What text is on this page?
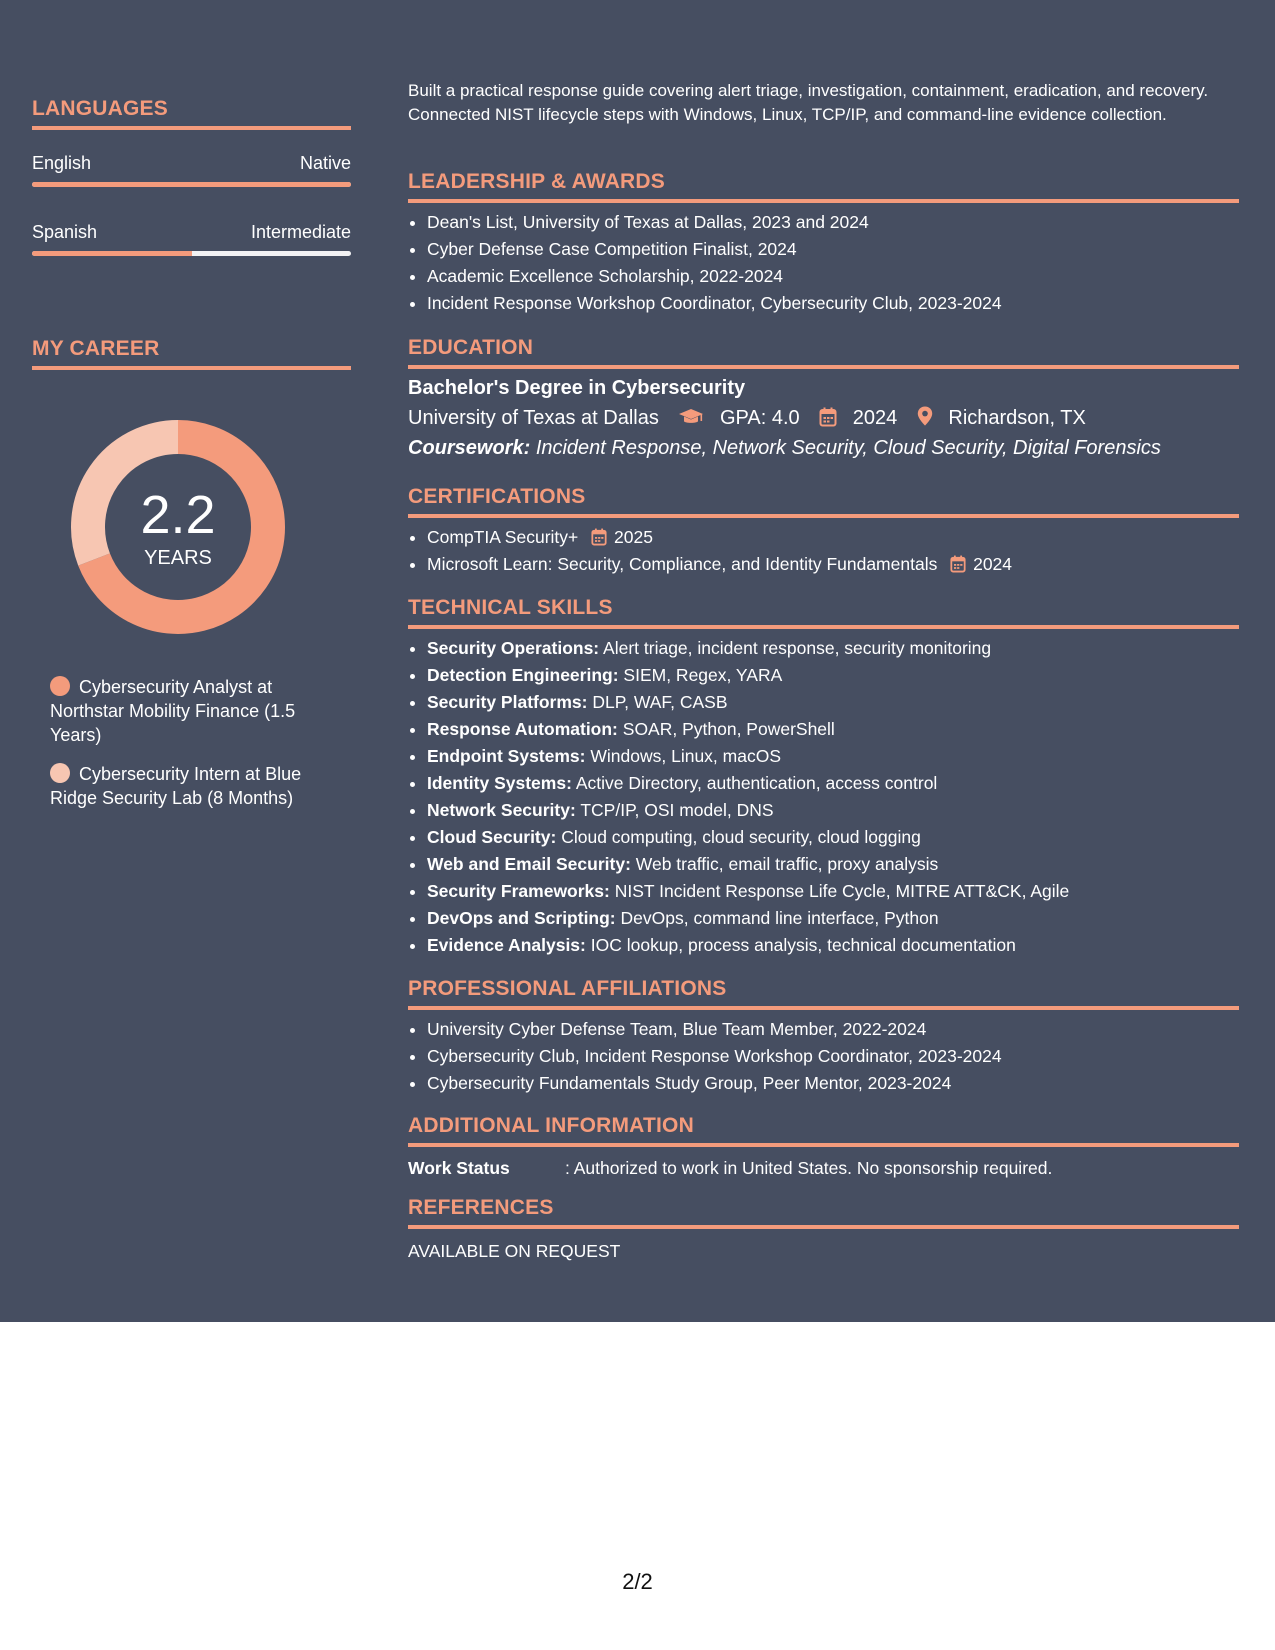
LANGUAGES
English	Native
Spanish	Intermediate
MY CAREER
2.2
YEARS
Cybersecurity Analyst at Northstar Mobility Finance (1.5 Years)
Cybersecurity Intern at Blue Ridge Security Lab (8 Months)
Built a practical response guide covering alert triage, investigation, containment, eradication, and recovery. Connected NIST lifecycle steps with Windows, Linux, TCP/IP, and command-line evidence collection.
LEADERSHIP & AWARDS
• Dean's List, University of Texas at Dallas, 2023 and 2024
• Cyber Defense Case Competition Finalist, 2024
• Academic Excellence Scholarship, 2022-2024
• Incident Response Workshop Coordinator, Cybersecurity Club, 2023-2024
EDUCATION
Bachelor's Degree in Cybersecurity
University of Texas at Dallas	GPA: 4.0	2024	Richardson, TX
Coursework: Incident Response, Network Security, Cloud Security, Digital Forensics
CERTIFICATIONS
• CompTIA Security+ 2025
• Microsoft Learn: Security, Compliance, and Identity Fundamentals 2024
TECHNICAL SKILLS
• Security Operations: Alert triage, incident response, security monitoring
• Detection Engineering: SIEM, Regex, YARA
• Security Platforms: DLP, WAF, CASB
• Response Automation: SOAR, Python, PowerShell
• Endpoint Systems: Windows, Linux, macOS
• Identity Systems: Active Directory, authentication, access control
• Network Security: TCP/IP, OSI model, DNS
• Cloud Security: Cloud computing, cloud security, cloud logging
• Web and Email Security: Web traffic, email traffic, proxy analysis
• Security Frameworks: NIST Incident Response Life Cycle, MITRE ATT&CK, Agile
• DevOps and Scripting: DevOps, command line interface, Python
• Evidence Analysis: IOC lookup, process analysis, technical documentation
PROFESSIONAL AFFILIATIONS
• University Cyber Defense Team, Blue Team Member, 2022-2024
• Cybersecurity Club, Incident Response Workshop Coordinator, 2023-2024
• Cybersecurity Fundamentals Study Group, Peer Mentor, 2023-2024
ADDITIONAL INFORMATION
Work Status	: Authorized to work in United States. No sponsorship required.
REFERENCES
AVAILABLE ON REQUEST
2/2
